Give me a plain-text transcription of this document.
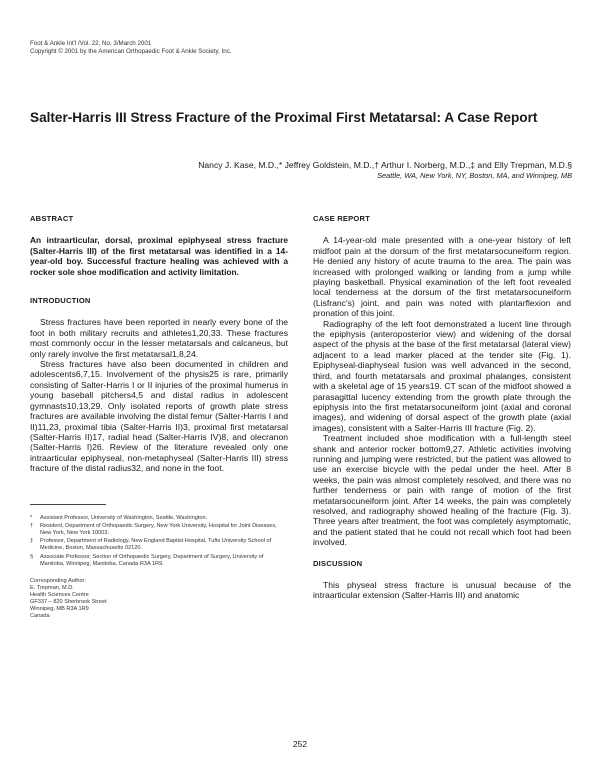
Foot & Ankle Int'l /Vol. 22, No. 3/March 2001
Copyright © 2001 by the American Orthopaedic Foot & Ankle Society, Inc.
Salter-Harris III Stress Fracture of the Proximal First Metatarsal: A Case Report
Nancy J. Kase, M.D.,* Jeffrey Goldstein, M.D.,† Arthur I. Norberg, M.D.,‡ and Elly Trepman, M.D.§
Seattle, WA, New York, NY, Boston, MA, and Winnipeg, MB
ABSTRACT
An intraarticular, dorsal, proximal epiphyseal stress fracture (Salter-Harris III) of the first metatarsal was identified in a 14-year-old boy. Successful fracture healing was achieved with a rocker sole shoe modification and activity limitation.
INTRODUCTION

Stress fractures have been reported in nearly every bone of the foot in both military recruits and athletes1,20,33. These fractures most commonly occur in the lesser metatarsals and calcaneus, but only rarely involve the first metatarsal1,8,24.

Stress fractures have also been documented in children and adolescents6,7,15. Involvement of the physis25 is rare, primarily consisting of Salter-Harris I or II injuries of the proximal humerus in young baseball pitchers4,5 and distal radius in adolescent gymnasts10,13,29. Only isolated reports of growth plate stress fractures are available involving the distal femur (Salter-Harris I and II)11,23, proximal tibia (Salter-Harris II)3, proximal first metatarsal (Salter-Harris II)17, radial head (Salter-Harris IV)8, and olecranon (Salter-Harris I)26. Review of the literature revealed only one intraarticular epiphyseal, non-metaphyseal (Salter-Harris III) stress fracture of the distal radius32, and none in the foot.

* Assistant Professor, University of Washington, Seattle, Washington.
† Resident, Department of Orthopaedic Surgery, New York University, Hospital for Joint Diseases, New York, New York 10003.
‡ Professor, Department of Radiology, New England Baptist Hospital, Tufts University School of Medicine, Boston, Massachusetts 02120.
§ Associate Professor, Section of Orthopaedic Surgery, Department of Surgery, University of Manitoba, Winnipeg, Manitoba, Canada R3A 1R9.
Corresponding Author:
E. Trepman, M.D.
Health Sciences Centre
GF337 – 820 Sherbrook Street
Winnipeg, MB R3A 1R9
Canada
CASE REPORT

A 14-year-old male presented with a one-year history of left midfoot pain at the dorsum of the first metatarsocuneiform region. He denied any history of acute trauma to the area. The pain was increased with prolonged walking or landing from a jump while playing basketball. Physical examination of the left foot revealed local tenderness at the dorsum of the first metatarsocuneiform (Lisfranc's) joint, and pain was noted with plantarflexion and pronation of this joint.

Radiography of the left foot demonstrated a lucent line through the epiphysis (anteroposterior view) and widening of the dorsal aspect of the physis at the base of the first metatarsal (lateral view) adjacent to a lead marker placed at the tender site (Fig. 1). Epiphyseal-diaphyseal fusion was well advanced in the second, third, and fourth metatarsals and proximal phalanges, consistent with a skeletal age of 15 years19. CT scan of the midfoot showed a parasagittal lucency extending from the growth plate through the epiphysis into the first metatarsocuneiform joint (axial and coronal images), and widening of dorsal aspect of the growth plate (axial images), consistent with a Salter-Harris III fracture (Fig. 2).

Treatment included shoe modification with a full-length steel shank and anterior rocker bottom9,27. Athletic activities involving running and jumping were restricted, but the patient was allowed to use an exercise bicycle with the pedal under the heel. After 8 weeks, the pain was almost completely resolved, and there was no further tenderness or pain with range of motion of the first metatarsocuneiform joint. After 14 weeks, the pain was completely resolved, and radiography showed healing of the fracture (Fig. 3). Three years after treatment, the foot was completely asymptomatic, and the patient stated that he could not recall which foot had been involved.

DISCUSSION

This physeal stress fracture is unusual because of the intraarticular extension (Salter-Harris III) and anatomic

252
